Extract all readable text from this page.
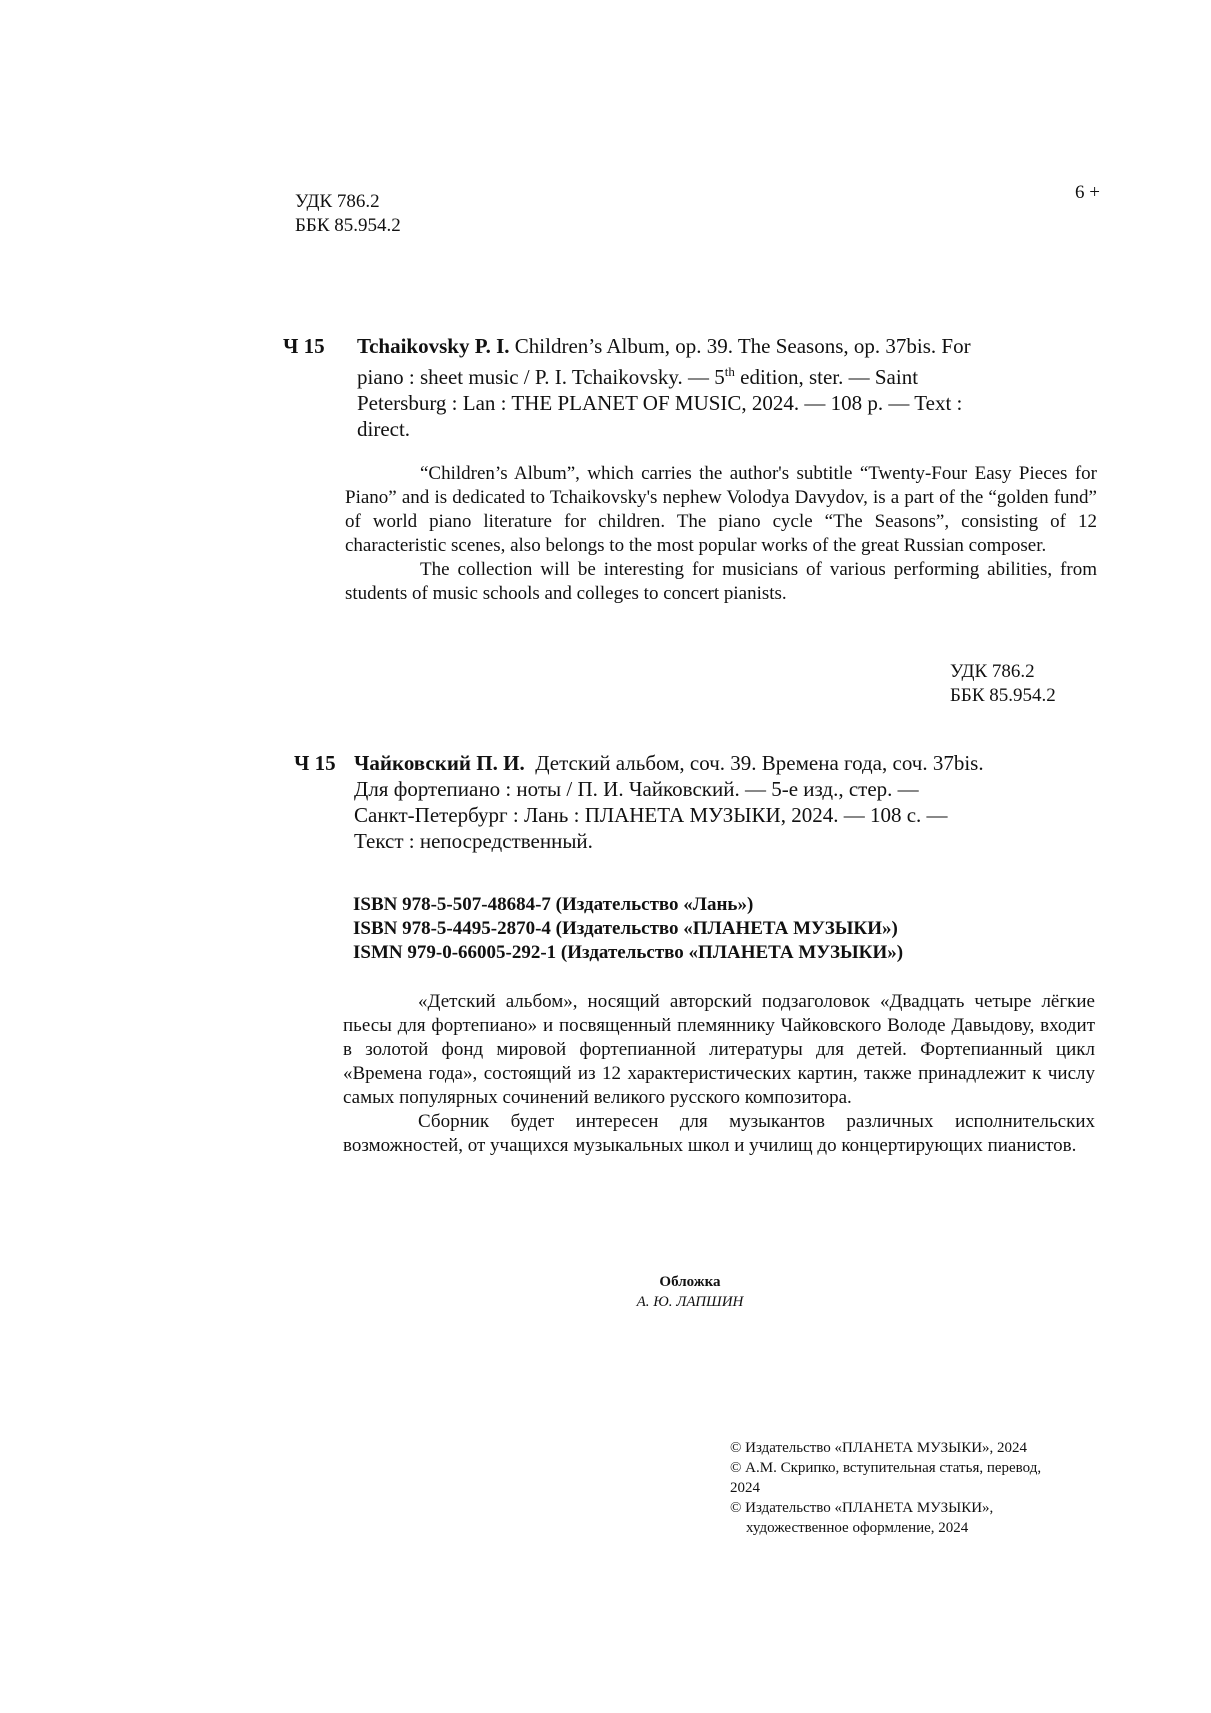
УДК 786.2
ББК 85.954.2
6 +
Ч 15 Tchaikovsky P. I. Children’s Album, op. 39. The Seasons, op. 37bis. For
piano : sheet music / P. I. Tchaikovsky. — 5th edition, ster. — Saint
Petersburg : Lan : THE PLANET OF MUSIC, 2024. — 108 p. — Text :
direct.

“Children’s Album”, which carries the author's subtitle “Twenty-Four Easy Pieces for Piano” and is dedicated to Tchaikovsky's nephew Volodya Davydov, is a part of the “golden fund” of world piano literature for children. The piano cycle “The Seasons”, consisting of 12 characteristic scenes, also belongs to the most popular works of the great Russian composer.

The collection will be interesting for musicians of various performing abilities, from students of music schools and colleges to concert pianists.

УДК 786.2
ББК 85.954.2
Ч 15 Чайковский П. И. Детский альбом, соч. 39. Времена года, соч. 37bis.
Для фортепиано : ноты / П. И. Чайковский. — 5-е изд., стер. —
Санкт-Петербург : Лань : ПЛАНЕТА МУЗЫКИ, 2024. — 108 с. —
Текст : непосредственный.
ISBN 978-5-507-48684-7 (Издательство «Лань»)
ISBN 978-5-4495-2870-4 (Издательство «ПЛАНЕТА МУЗЫКИ»)
ISMN 979-0-66005-292-1 (Издательство «ПЛАНЕТА МУЗЫКИ»)

«Детский альбом», носящий авторский подзаголовок «Двадцать четыре лёгкие пьесы для фортепиано» и посвященный племяннику Чайковского Володе Давыдову, входит в золотой фонд мировой фортепианной литературы для детей. Фортепианный цикл «Времена года», состоящий из 12 характеристических картин, также принадлежит к числу самых популярных сочинений великого русского композитора.

Сборник будет интересен для музыкантов различных исполнительских возможностей, от учащихся музыкальных школ и училищ до концертирующих пианистов.

Обложка
А. Ю. ЛАПШИН
© Издательство «ПЛАНЕТА МУЗЫКИ», 2024
© А.М. Скрипко, вступительная статья, перевод,
2024
© Издательство «ПЛАНЕТА МУЗЫКИ»,
художественное оформление, 2024
